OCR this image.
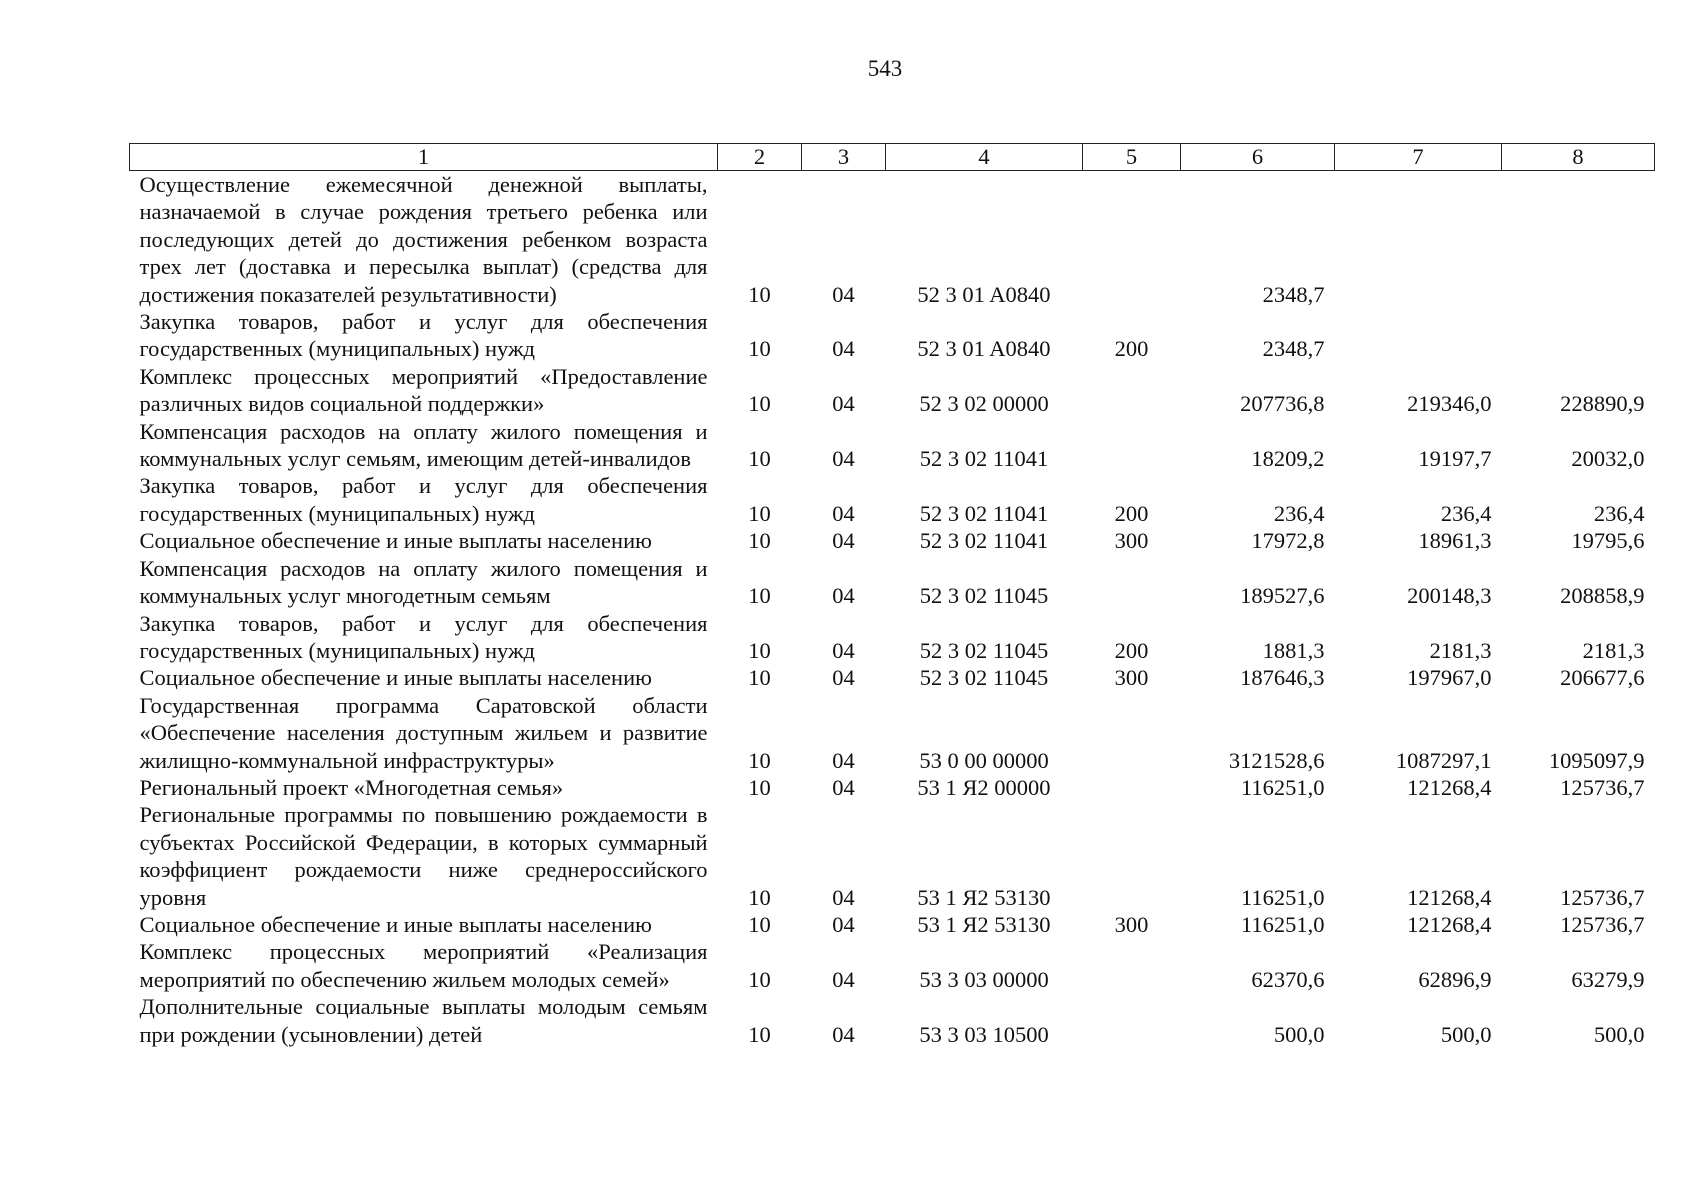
543
1	2	3	4	5	6	7	8
Осуществление ежемесячной денежной выплаты, назначаемой в случае рождения третьего ребенка или последующих детей до достижения ребенком возраста трех лет (доставка и пересылка выплат) (средства для достижения показателей результативности)	10	04	52 3 01 A0840		2348,7		
Закупка товаров, работ и услуг для обеспечения государственных (муниципальных) нужд	10	04	52 3 01 A0840	200	2348,7		
Комплекс процессных мероприятий «Предоставление различных видов социальной поддержки»	10	04	52 3 02 00000		207736,8	219346,0	228890,9
Компенсация расходов на оплату жилого помещения и коммунальных услуг семьям, имеющим детей-инвалидов	10	04	52 3 02 11041		18209,2	19197,7	20032,0
Закупка товаров, работ и услуг для обеспечения государственных (муниципальных) нужд	10	04	52 3 02 11041	200	236,4	236,4	236,4
Социальное обеспечение и иные выплаты населению	10	04	52 3 02 11041	300	17972,8	18961,3	19795,6
Компенсация расходов на оплату жилого помещения и коммунальных услуг многодетным семьям	10	04	52 3 02 11045		189527,6	200148,3	208858,9
Закупка товаров, работ и услуг для обеспечения государственных (муниципальных) нужд	10	04	52 3 02 11045	200	1881,3	2181,3	2181,3
Социальное обеспечение и иные выплаты населению	10	04	52 3 02 11045	300	187646,3	197967,0	206677,6
Государственная программа Саратовской области «Обеспечение населения доступным жильем и развитие жилищно-коммунальной инфраструктуры»	10	04	53 0 00 00000		3121528,6	1087297,1	1095097,9
Региональный проект «Многодетная семья»	10	04	53 1 Я2 00000		116251,0	121268,4	125736,7
Региональные программы по повышению рождаемости в субъектах Российской Федерации, в которых суммарный коэффициент рождаемости ниже среднероссийского уровня	10	04	53 1 Я2 53130		116251,0	121268,4	125736,7
Социальное обеспечение и иные выплаты населению	10	04	53 1 Я2 53130	300	116251,0	121268,4	125736,7
Комплекс процессных мероприятий «Реализация мероприятий по обеспечению жильем молодых семей»	10	04	53 3 03 00000		62370,6	62896,9	63279,9
Дополнительные социальные выплаты молодым семьям при рождении (усыновлении) детей	10	04	53 3 03 10500		500,0	500,0	500,0
